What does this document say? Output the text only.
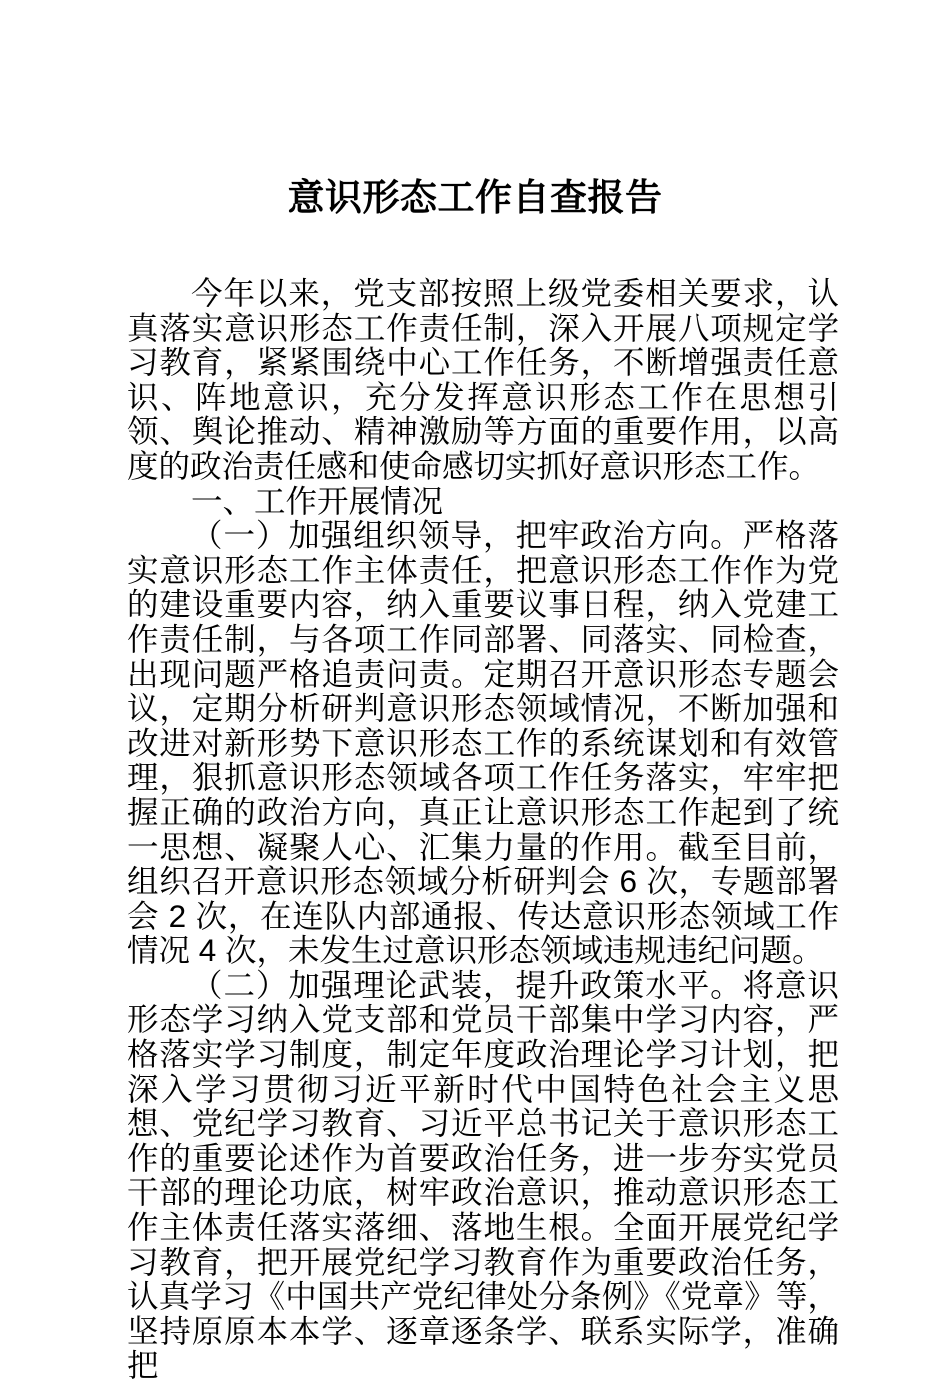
意识形态工作自查报告

今年以来，党支部按照上级党委相关要求，认真落实意识形态工作责任制，深入开展八项规定学习教育，紧紧围绕中心工作任务，不断增强责任意识、阵地意识，充分发挥意识形态工作在思想引领、舆论推动、精神激励等方面的重要作用，以高度的政治责任感和使命感切实抓好意识形态工作。

一、工作开展情况

（一）加强组织领导，把牢政治方向。严格落实意识形态工作主体责任，把意识形态工作作为党的建设重要内容，纳入重要议事日程，纳入党建工作责任制，与各项工作同部署、同落实、同检查，出现问题严格追责问责。定期召开意识形态专题会议，定期分析研判意识形态领域情况，不断加强和改进对新形势下意识形态工作的系统谋划和有效管理，狠抓意识形态领域各项工作任务落实，牢牢把握正确的政治方向，真正让意识形态工作起到了统一思想、凝聚人心、汇集力量的作用。截至目前，组织召开意识形态领域分析研判会 6 次，专题部署会 2 次，在连队内部通报、传达意识形态领域工作情况 4 次，未发生过意识形态领域违规违纪问题。

（二）加强理论武装，提升政策水平。将意识形态学习纳入党支部和党员干部集中学习内容，严格落实学习制度，制定年度政治理论学习计划，把深入学习贯彻习近平新时代中国特色社会主义思想、党纪学习教育、习近平总书记关于意识形态工作的重要论述作为首要政治任务，进一步夯实党员干部的理论功底，树牢政治意识，推动意识形态工作主体责任落实落细、落地生根。全面开展党纪学习教育，把开展党纪学习教育作为重要政治任务，认真学习《中国共产党纪律处分条例》《党章》等，坚持原原本本学、逐章逐条学、联系实际学，准确把
